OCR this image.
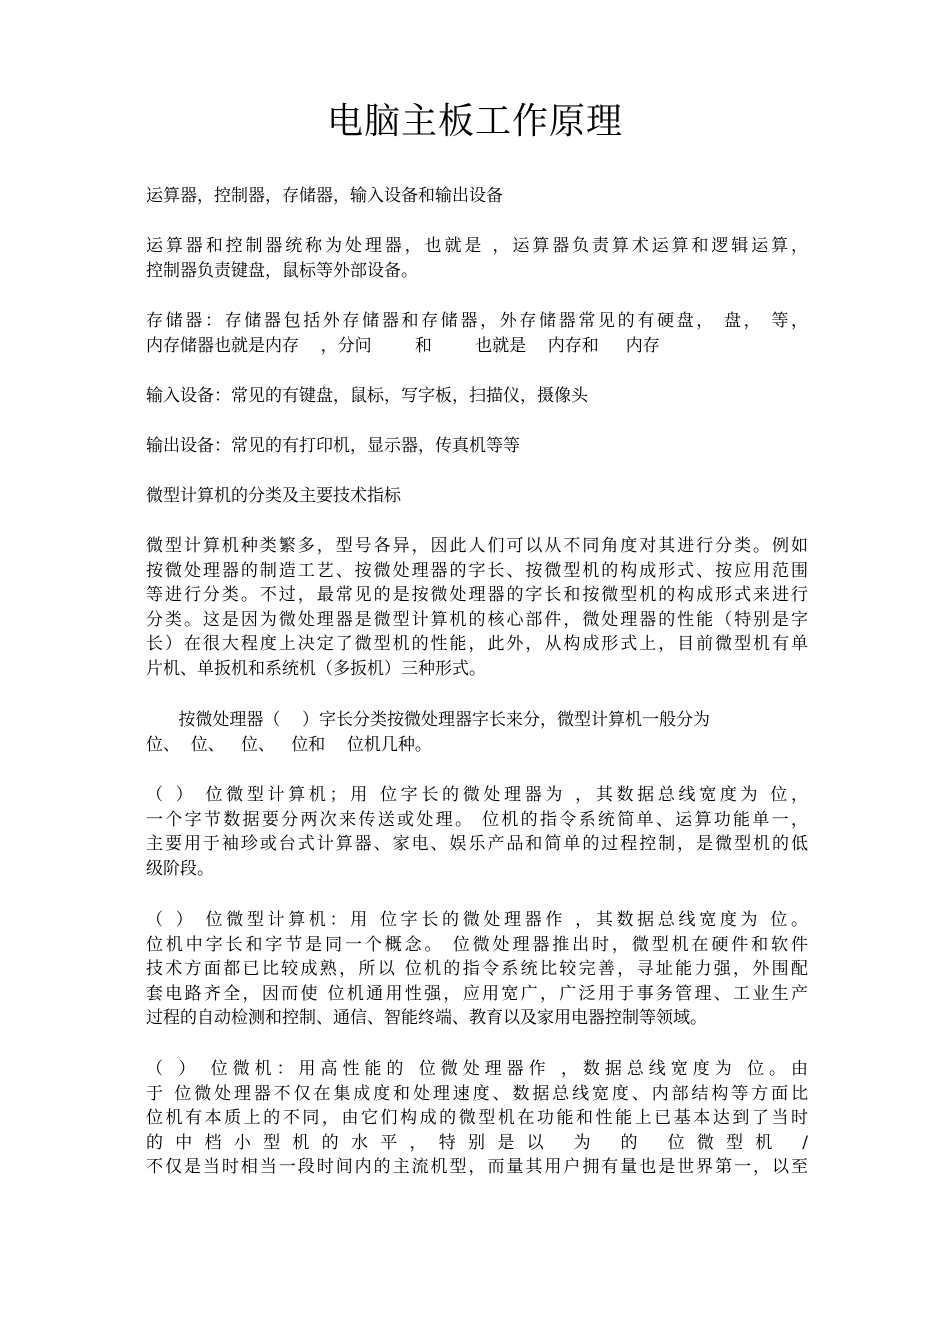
电脑主板工作原理

运算器，控制器，存储器，输入设备和输出设备

运算器和控制器统称为处理器，也就是 ，运算器负责算术运算和逻辑运算，
控制器负责键盘，鼠标等外部设备。

存储器：存储器包括外存储器和存储器，外存储器常见的有硬盘， 盘， 等，
内存储器也就是内存    ，分问        和        也就是    内存和     内存

输入设备：常见的有键盘，鼠标，写字板，扫描仪，摄像头

输出设备：常见的有打印机，显示器，传真机等等

微型计算机的分类及主要技术指标

微型计算机种类繁多，型号各异，因此人们可以从不同角度对其进行分类。例如
按微处理器的制造工艺、按微处理器的字长、按微型机的构成形式、按应用范围
等进行分类。不过，最常见的是按微处理器的字长和按微型机的构成形式来进行
分类。这是因为微处理器是微型计算机的核心部件，微处理器的性能（特别是字
长）在很大程度上决定了微型机的性能，此外，从构成形式上，目前微型机有单
片机、单扳机和系统机（多扳机）三种形式。

按微处理器（    ）字长分类按微处理器字长来分，微型计算机一般分为
位、  位、   位、   位和    位机几种。

（ ） 位微型计算机；用 位字长的微处理器为 ，其数据总线宽度为 位，
一个字节数据要分两次来传送或处理。 位机的指令系统简单、运算功能单一，
主要用于袖珍或台式计算器、家电、娱乐产品和简单的过程控制，是微型机的低
级阶段。

（ ） 位微型计算机：用 位字长的微处理器作 ，其数据总线宽度为 位。
位机中字长和字节是同一个概念。 位微处理器推出时，微型机在硬件和软件
技术方面都已比较成熟，所以 位机的指令系统比较完善，寻址能力强，外围配
套电路齐全，因而使 位机通用性强，应用宽广，广泛用于事务管理、工业生产
过程的自动检测和控制、通信、智能终端、教育以及家用电器控制等领域。

（ ） 位微机：用高性能的 位微处理器作 ，数据总线宽度为 位。由
于 位微处理器不仅在集成度和处理速度、数据总线宽度、内部结构等方面比
位机有本质上的不同，由它们构成的微型机在功能和性能上已基本达到了当时
的中档小型机的水平，特别是以 为 的 位微型机 /
不仅是当时相当一段时间内的主流机型，而量其用户拥有量也是世界第一，以至
